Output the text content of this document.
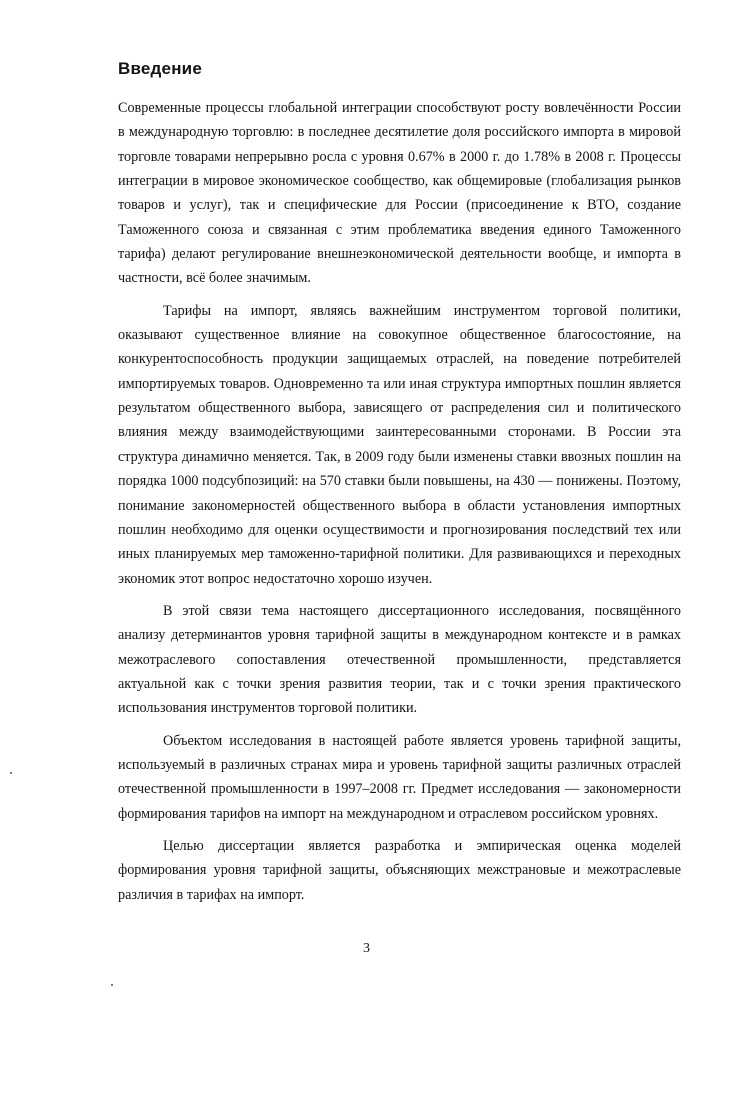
Введение

Современные процессы глобальной интеграции способствуют росту вовлечённости России в международную торговлю: в последнее десятилетие доля российского импорта в мировой торговле товарами непрерывно росла с уровня 0.67% в 2000 г. до 1.78% в 2008 г. Процессы интеграции в мировое экономическое сообщество, как общемировые (глобализация рынков товаров и услуг), так и специфические для России (присоединение к ВТО, создание Таможенного союза и связанная с этим проблематика введения единого Таможенного тарифа) делают регулирование внешнеэкономической деятельности вообще, и импорта в частности, всё более значимым.

Тарифы на импорт, являясь важнейшим инструментом торговой политики, оказывают существенное влияние на совокупное общественное благосостояние, на конкурентоспособность продукции защищаемых отраслей, на поведение потребителей импортируемых товаров. Одновременно та или иная структура импортных пошлин является результатом общественного выбора, зависящего от распределения сил и политического влияния между взаимодействующими заинтересованными сторонами. В России эта структура динамично меняется. Так, в 2009 году были изменены ставки ввозных пошлин на порядка 1000 подсубпозиций: на 570 ставки были повышены, на 430 — понижены. Поэтому, понимание закономерностей общественного выбора в области установления импортных пошлин необходимо для оценки осуществимости и прогнозирования последствий тех или иных планируемых мер таможенно-тарифной политики. Для развивающихся и переходных экономик этот вопрос недостаточно хорошо изучен.

В этой связи тема настоящего диссертационного исследования, посвящённого анализу детерминантов уровня тарифной защиты в международном контексте и в рамках межотраслевого сопоставления отечественной промышленности, представляется актуальной как с точки зрения развития теории, так и с точки зрения практического использования инструментов торговой политики.

Объектом исследования в настоящей работе является уровень тарифной защиты, используемый в различных странах мира и уровень тарифной защиты различных отраслей отечественной промышленности в 1997–2008 гг. Предмет исследования — закономерности формирования тарифов на импорт на международном и отраслевом российском уровнях.

Целью диссертации является разработка и эмпирическая оценка моделей формирования уровня тарифной защиты, объясняющих межстрановые и межотраслевые различия в тарифах на импорт.

3
